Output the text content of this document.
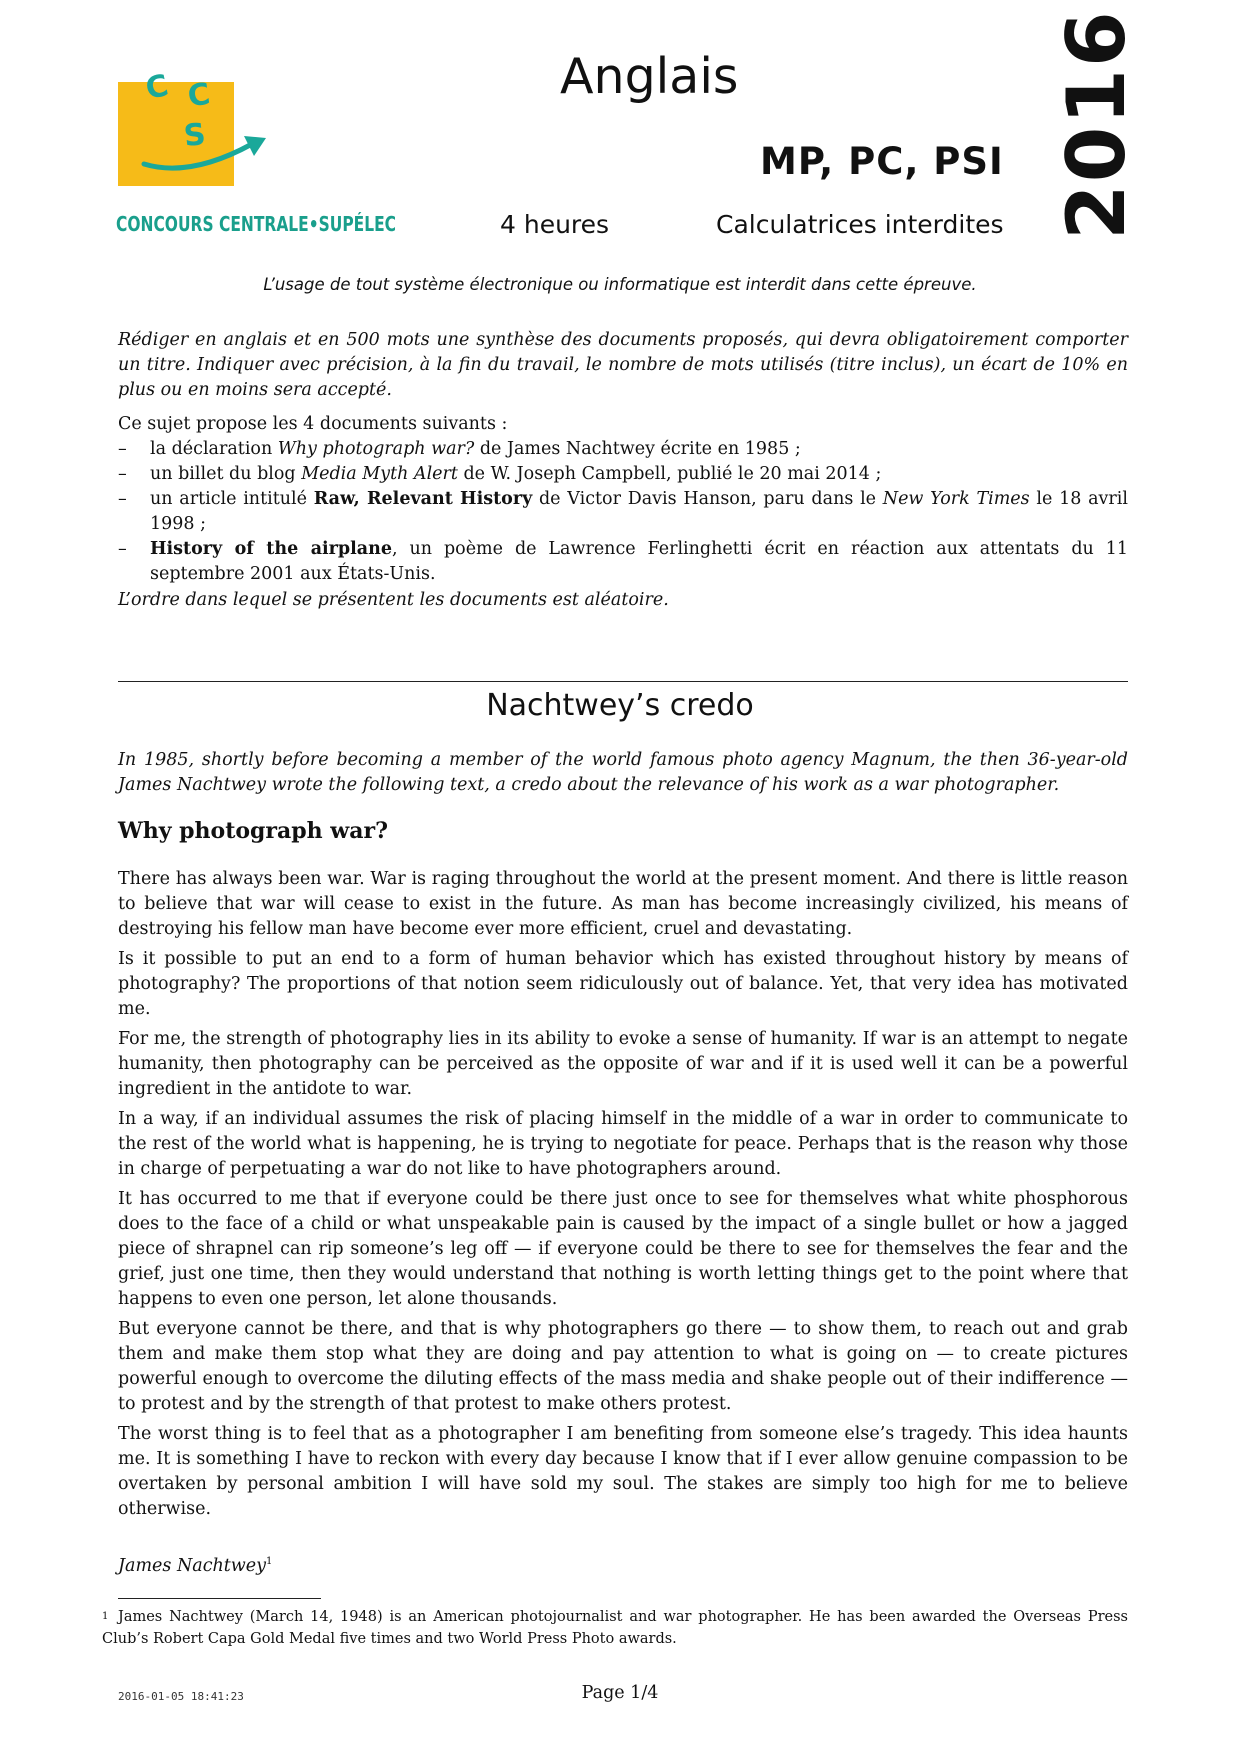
C C
S
CONCOURS CENTRALE•SUPÉLEC
Anglais
MP, PC, PSI
4 heures	Calculatrices interdites 2016
L’usage de tout système électronique ou informatique est interdit dans cette épreuve.
Rédiger en anglais et en 500 mots une synthèse des documents proposés, qui devra obligatoirement comporter un titre. Indiquer avec précision, à la fin du travail, le nombre de mots utilisés (titre inclus), un écart de 10% en plus ou en moins sera accepté.
Ce sujet propose les 4 documents suivants :
– la déclaration Why photograph war? de James Nachtwey écrite en 1985 ;
– un billet du blog Media Myth Alert de W. Joseph Campbell, publié le 20 mai 2014 ;
– un article intitulé Raw, Relevant History de Victor Davis Hanson, paru dans le New York Times le 18 avril 1998 ;
– History of the airplane, un poème de Lawrence Ferlinghetti écrit en réaction aux attentats du 11 septembre 2001 aux États-Unis.
L’ordre dans lequel se présentent les documents est aléatoire.
Nachtwey’s credo
In 1985, shortly before becoming a member of the world famous photo agency Magnum, the then 36-year-old James Nachtwey wrote the following text, a credo about the relevance of his work as a war photographer.
Why photograph war?

There has always been war. War is raging throughout the world at the present moment. And there is little reason to believe that war will cease to exist in the future. As man has become increasingly civilized, his means of destroying his fellow man have become ever more efficient, cruel and devastating.

Is it possible to put an end to a form of human behavior which has existed throughout history by means of photography? The proportions of that notion seem ridiculously out of balance. Yet, that very idea has motivated me.

For me, the strength of photography lies in its ability to evoke a sense of humanity. If war is an attempt to negate humanity, then photography can be perceived as the opposite of war and if it is used well it can be a powerful ingredient in the antidote to war.

In a way, if an individual assumes the risk of placing himself in the middle of a war in order to communicate to the rest of the world what is happening, he is trying to negotiate for peace. Perhaps that is the reason why those in charge of perpetuating a war do not like to have photographers around.

It has occurred to me that if everyone could be there just once to see for themselves what white phosphorous does to the face of a child or what unspeakable pain is caused by the impact of a single bullet or how a jagged piece of shrapnel can rip someone’s leg off — if everyone could be there to see for themselves the fear and the grief, just one time, then they would understand that nothing is worth letting things get to the point where that happens to even one person, let alone thousands.

But everyone cannot be there, and that is why photographers go there — to show them, to reach out and grab them and make them stop what they are doing and pay attention to what is going on — to create pictures powerful enough to overcome the diluting effects of the mass media and shake people out of their indifference — to protest and by the strength of that protest to make others protest.

The worst thing is to feel that as a photographer I am benefiting from someone else’s tragedy. This idea haunts me. It is something I have to reckon with every day because I know that if I ever allow genuine compassion to be overtaken by personal ambition I will have sold my soul. The stakes are simply too high for me to believe otherwise.

James Nachtwey$^1$
1 James Nachtwey (March 14, 1948) is an American photojournalist and war photographer. He has been awarded the Overseas Press Club’s Robert Capa Gold Medal five times and two World Press Photo awards.
2016-01-05 18:41:23	Page 1/4
